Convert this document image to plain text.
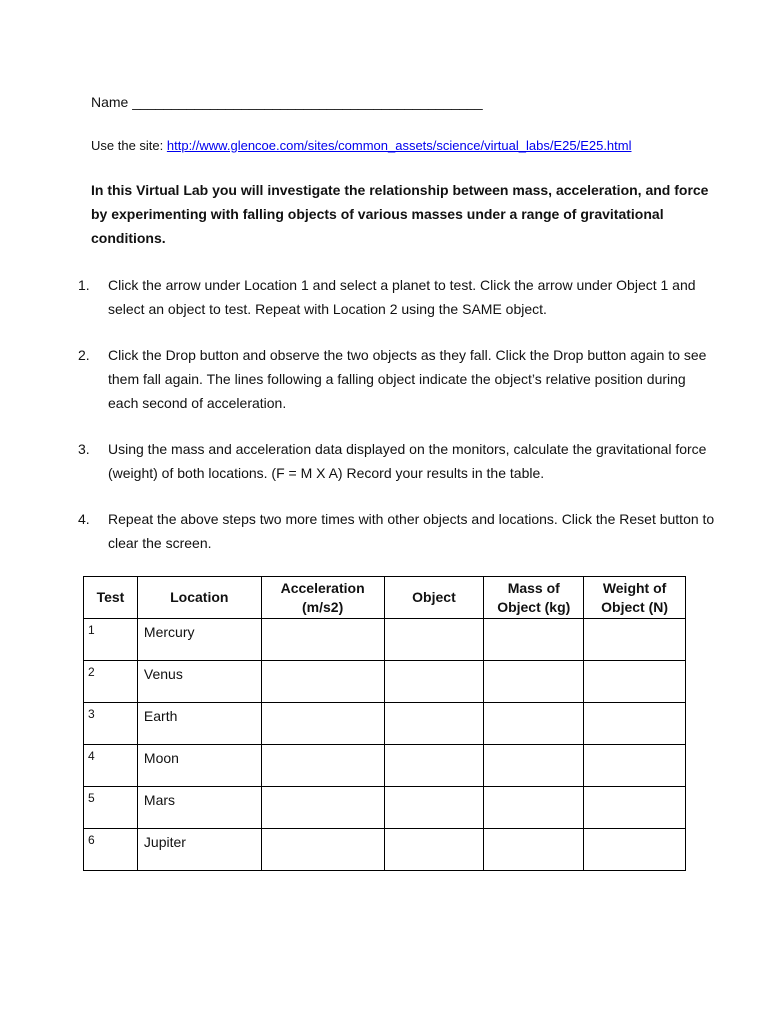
Name _____________________________________________
Use the site: http://www.glencoe.com/sites/common_assets/science/virtual_labs/E25/E25.html
In this Virtual Lab you will investigate the relationship between mass, acceleration, and force by experimenting with falling objects of various masses under a range of gravitational conditions.
1. Click the arrow under Location 1 and select a planet to test. Click the arrow under Object 1 and select an object to test. Repeat with Location 2 using the SAME object.
2. Click the Drop button and observe the two objects as they fall. Click the Drop button again to see them fall again. The lines following a falling object indicate the object’s relative position during each second of acceleration.
3. Using the mass and acceleration data displayed on the monitors, calculate the gravitational force (weight) of both locations. (F = M X A) Record your results in the table.
4. Repeat the above steps two more times with other objects and locations. Click the Reset button to clear the screen.
Test	Location	Acceleration (m/s2)	Object	Mass of Object (kg)	Weight of Object (N)
1	Mercury				
2	Venus				
3	Earth				
4	Moon				
5	Mars				
6	Jupiter				
